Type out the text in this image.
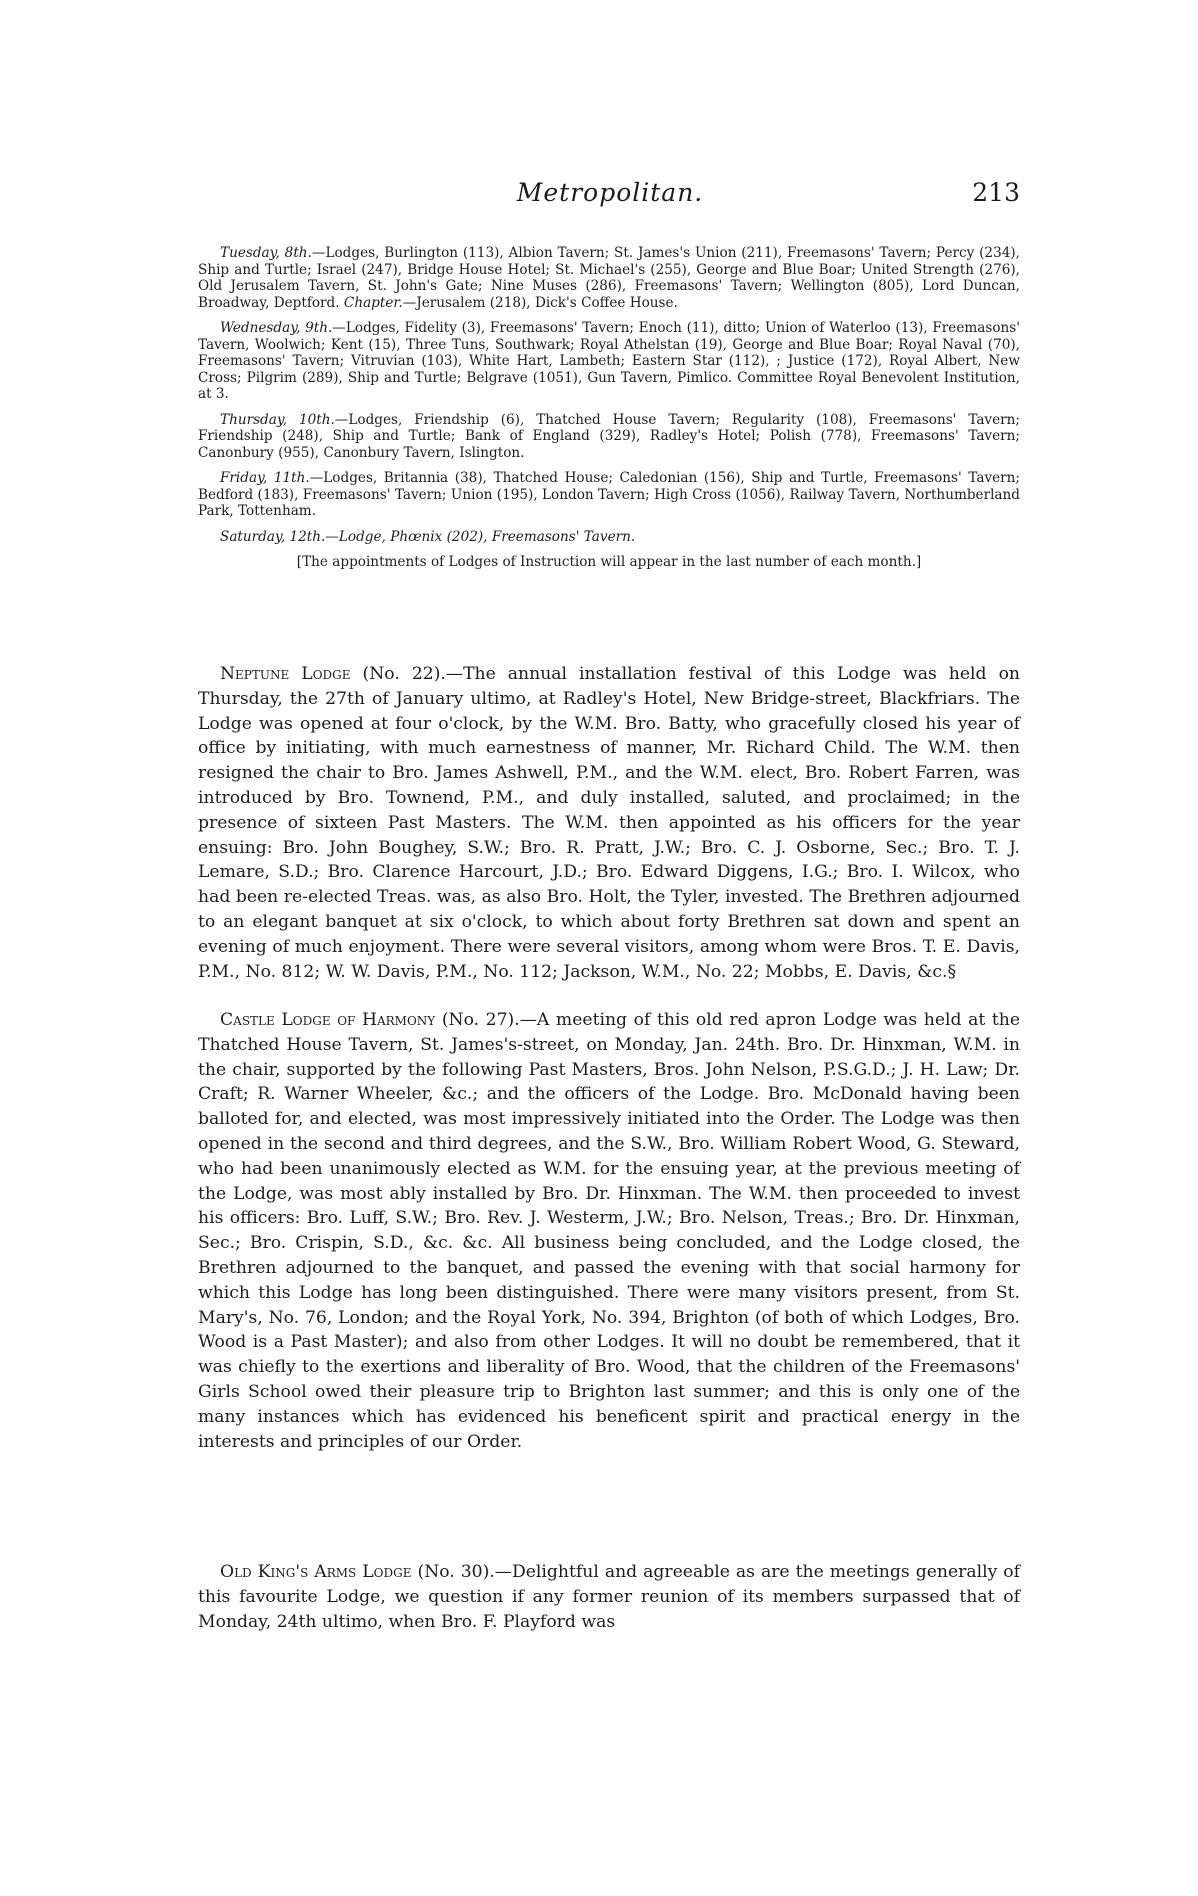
Metropolitan.	213

Tuesday, 8th.—Lodges, Burlington (113), Albion Tavern; St. James's Union (211), Freemasons' Tavern; Percy (234), Ship and Turtle; Israel (247), Bridge House Hotel; St. Michael's (255), George and Blue Boar; United Strength (276), Old Jerusalem Tavern, St. John's Gate; Nine Muses (286), Freemasons' Tavern; Wellington (805), Lord Duncan, Broadway, Deptford. Chapter.—Jerusalem (218), Dick's Coffee House.

Wednesday, 9th.—Lodges, Fidelity (3), Freemasons' Tavern; Enoch (11), ditto; Union of Waterloo (13), Freemasons' Tavern, Woolwich; Kent (15), Three Tuns, Southwark; Royal Athelstan (19), George and Blue Boar; Royal Naval (70), Freemasons' Tavern; Vitruvian (103), White Hart, Lambeth; Eastern Star (112), ; Justice (172), Royal Albert, New Cross; Pilgrim (289), Ship and Turtle; Belgrave (1051), Gun Tavern, Pimlico. Committee Royal Benevolent Institution, at 3.

Thursday, 10th.—Lodges, Friendship (6), Thatched House Tavern; Regularity (108), Freemasons' Tavern; Friendship (248), Ship and Turtle; Bank of England (329), Radley's Hotel; Polish (778), Freemasons' Tavern; Canonbury (955), Canonbury Tavern, Islington.

Friday, 11th.—Lodges, Britannia (38), Thatched House; Caledonian (156), Ship and Turtle, Freemasons' Tavern; Bedford (183), Freemasons' Tavern; Union (195), London Tavern; High Cross (1056), Railway Tavern, Northumberland Park, Tottenham.

Saturday, 12th.—Lodge, Phœnix (202), Freemasons' Tavern.

[The appointments of Lodges of Instruction will appear in the last number of each month.]

Neptune Lodge (No. 22).—The annual installation festival of this Lodge was held on Thursday, the 27th of January ultimo, at Radley's Hotel, New Bridge-street, Blackfriars. The Lodge was opened at four o'clock, by the W.M. Bro. Batty, who gracefully closed his year of office by initiating, with much earnestness of manner, Mr. Richard Child. The W.M. then resigned the chair to Bro. James Ashwell, P.M., and the W.M. elect, Bro. Robert Farren, was introduced by Bro. Townend, P.M., and duly installed, saluted, and proclaimed; in the presence of sixteen Past Masters. The W.M. then appointed as his officers for the year ensuing: Bro. John Boughey, S.W.; Bro. R. Pratt, J.W.; Bro. C. J. Osborne, Sec.; Bro. T. J. Lemare, S.D.; Bro. Clarence Harcourt, J.D.; Bro. Edward Diggens, I.G.; Bro. I. Wilcox, who had been re-elected Treas. was, as also Bro. Holt, the Tyler, invested. The Brethren adjourned to an elegant banquet at six o'clock, to which about forty Brethren sat down and spent an evening of much enjoyment. There were several visitors, among whom were Bros. T. E. Davis, P.M., No. 812; W. W. Davis, P.M., No. 112; Jackson, W.M., No. 22; Mobbs, E. Davis, &c.§

Castle Lodge of Harmony (No. 27).—A meeting of this old red apron Lodge was held at the Thatched House Tavern, St. James's-street, on Monday, Jan. 24th. Bro. Dr. Hinxman, W.M. in the chair, supported by the following Past Masters, Bros. John Nelson, P.S.G.D.; J. H. Law; Dr. Craft; R. Warner Wheeler, &c.; and the officers of the Lodge. Bro. McDonald having been balloted for, and elected, was most impressively initiated into the Order. The Lodge was then opened in the second and third degrees, and the S.W., Bro. William Robert Wood, G. Steward, who had been unanimously elected as W.M. for the ensuing year, at the previous meeting of the Lodge, was most ably installed by Bro. Dr. Hinxman. The W.M. then proceeded to invest his officers: Bro. Luff, S.W.; Bro. Rev. J. Westerm, J.W.; Bro. Nelson, Treas.; Bro. Dr. Hinxman, Sec.; Bro. Crispin, S.D., &c. &c. All business being concluded, and the Lodge closed, the Brethren adjourned to the banquet, and passed the evening with that social harmony for which this Lodge has long been distinguished. There were many visitors present, from St. Mary's, No. 76, London; and the Royal York, No. 394, Brighton (of both of which Lodges, Bro. Wood is a Past Master); and also from other Lodges. It will no doubt be remembered, that it was chiefly to the exertions and liberality of Bro. Wood, that the children of the Freemasons' Girls School owed their pleasure trip to Brighton last summer; and this is only one of the many instances which has evidenced his beneficent spirit and practical energy in the interests and principles of our Order.

Old King's Arms Lodge (No. 30).—Delightful and agreeable as are the meetings generally of this favourite Lodge, we question if any former reunion of its members surpassed that of Monday, 24th ultimo, when Bro. F. Playford was
